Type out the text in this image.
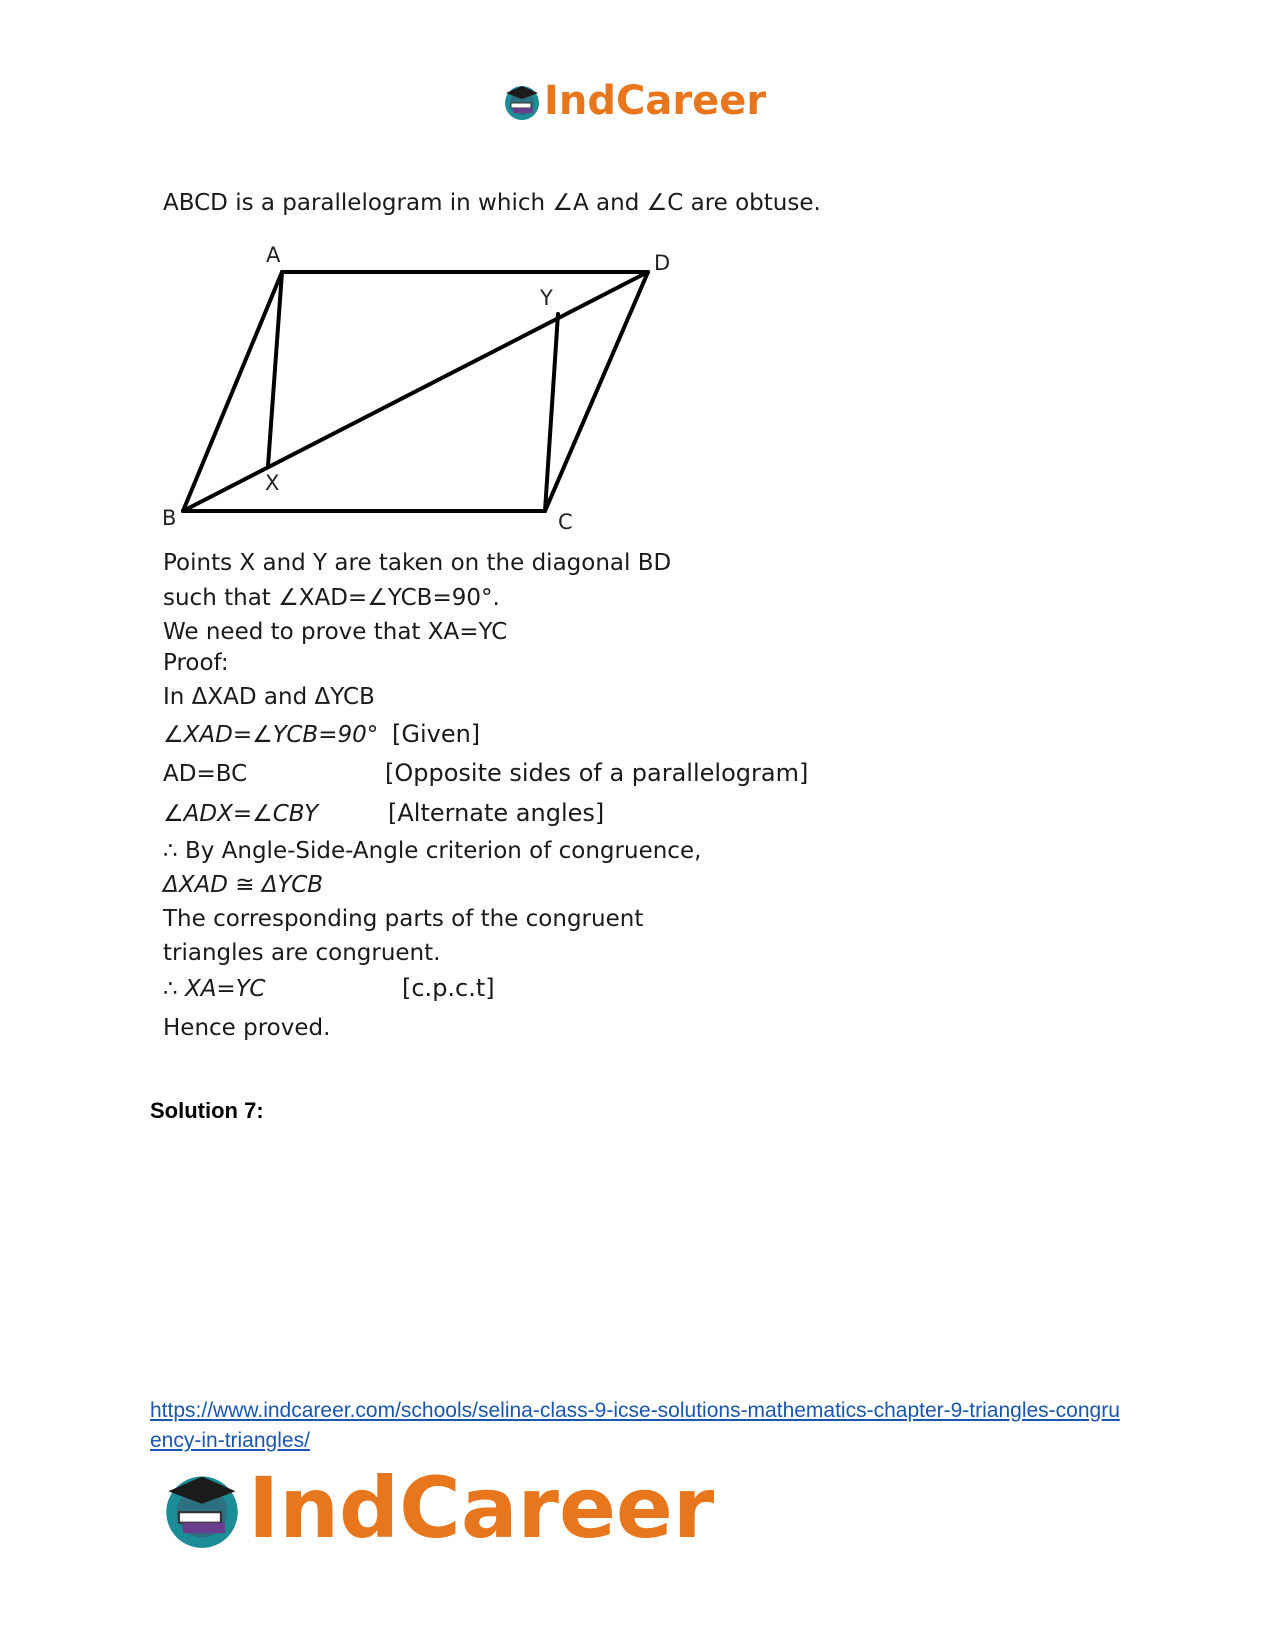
IndCareer
ABCD is a parallelogram in which ∠A and ∠C are obtuse.
A	D
Y
X
B	C
Points X and Y are taken on the diagonal BD
such that ∠XAD=∠YCB=90°.
We need to prove that XA=YC
Proof:
In ΔXAD and ΔYCB
∠XAD=∠YCB=90° [Given]
AD=BC	[Opposite sides of a parallelogram]
∠ADX=∠CBY	[Alternate angles]
∴ By Angle-Side-Angle criterion of congruence,
ΔXAD ≅ ΔYCB
The corresponding parts of the congruent
triangles are congruent.
∴ XA=YC	[c.p.c.t]
Hence proved.
Solution 7:
https://www.indcareer.com/schools/selina-class-9-icse-solutions-mathematics-chapter-9-triangles-congruency-in-triangles/
IndCareer
